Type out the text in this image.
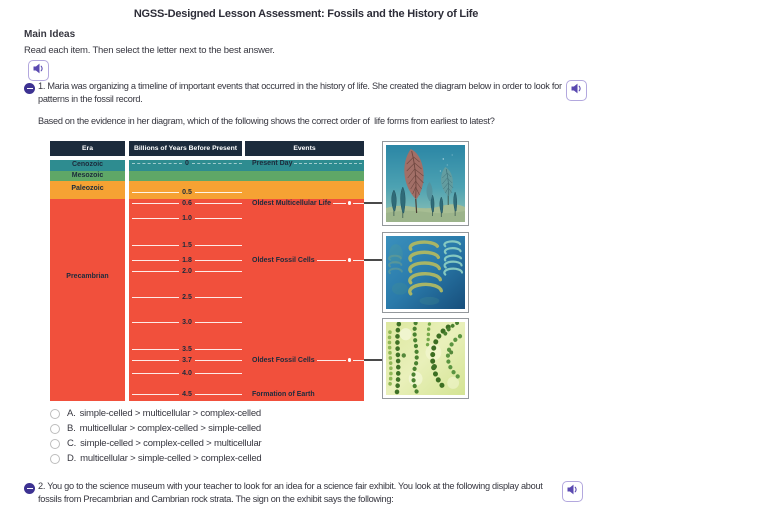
NGSS-Designed Lesson Assessment: Fossils and the History of Life
Main Ideas
Read each item. Then select the letter next to the best answer.
1. Maria was organizing a timeline of important events that occurred in the history of life. She created the diagram below in order to look for patterns in the fossil record.
Based on the evidence in her diagram, which of the following shows the correct order of  life forms from earliest to latest?
Era	Billions of Years Before Present	Events
Cenozoic
Mesozoic
Paleozoic
Precambrian
0
0.5
0.6
1.0
1.5
1.8
2.0
2.5
3.0
3.5
3.7
4.0
4.5
Present Day
Oldest Multicellular Life
Oldest Fossil Cells
Oldest Fossil Cells
Formation of Earth
A. simple-celled > multicellular > complex-celled
B. multicellular > complex-celled > simple-celled
C. simple-celled > complex-celled > multicellular
D. multicellular > simple-celled > complex-celled
2. You go to the science museum with your teacher to look for an idea for a science fair exhibit. You look at the following display about fossils from Precambrian and Cambrian rock strata. The sign on the exhibit says the following:
